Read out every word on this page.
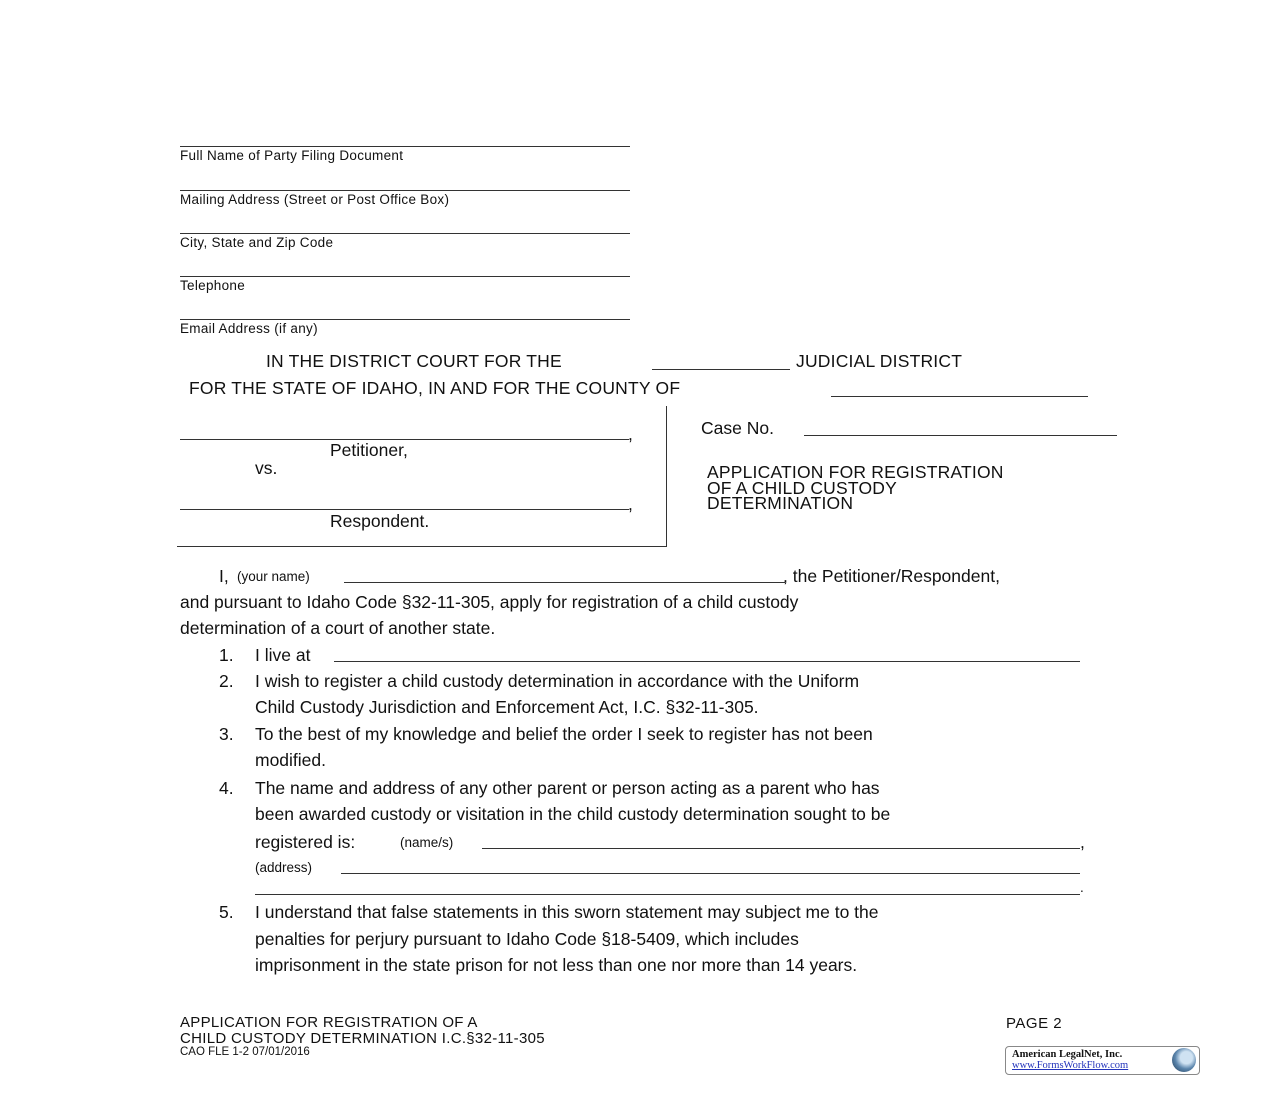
Full Name of Party Filing Document
Mailing Address (Street or Post Office Box)
City, State and Zip Code
Telephone
Email Address (if any)
IN THE DISTRICT COURT FOR THE	JUDICIAL DISTRICT
FOR THE STATE OF IDAHO, IN AND FOR THE COUNTY OF
,
Petitioner,
vs.
,
Respondent.
Case No.
APPLICATION FOR REGISTRATION
OF A CHILD CUSTODY
DETERMINATION
I, (your name)	, the Petitioner/Respondent,
and pursuant to Idaho Code §32-11-305, apply for registration of a child custody
determination of a court of another state.
1. I live at
2. I wish to register a child custody determination in accordance with the Uniform
Child Custody Jurisdiction and Enforcement Act, I.C. §32-11-305.
3. To the best of my knowledge and belief the order I seek to register has not been
modified.
4. The name and address of any other parent or person acting as a parent who has
been awarded custody or visitation in the child custody determination sought to be
registered is:	(name/s)	,
(address)
.
5. I understand that false statements in this sworn statement may subject me to the
penalties for perjury pursuant to Idaho Code §18-5409, which includes
imprisonment in the state prison for not less than one nor more than 14 years.
APPLICATION FOR REGISTRATION OF A
CHILD CUSTODY DETERMINATION I.C.§32-11-305
CAO FLE 1-2 07/01/2016
PAGE 2
American LegalNet, Inc.
www.FormsWorkFlow.com
